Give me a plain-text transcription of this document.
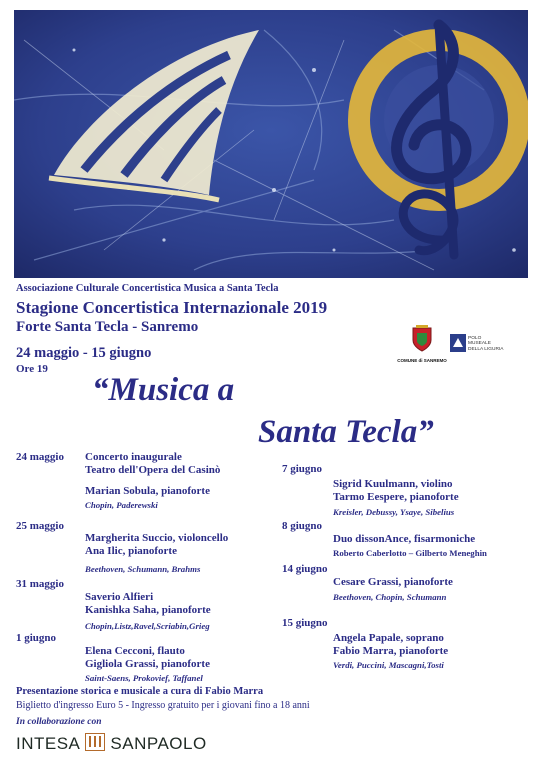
Associazione Culturale Concertistica Musica a Santa Tecla
Stagione Concertistica Internazionale 2019
Forte Santa Tecla - Sanremo
24 maggio - 15 giugno
Ore 19
“Musica a
Santa Tecla”
COMUNE di SANREMO
POLO
MUSEALE
DELLA LIGURIA
24 maggio Concerto inaugurale
Teatro dell'Opera del Casinò
Marian Sobula, pianoforte
Chopin, Paderewski
25 maggio
Margherita Succio, violoncello
Ana Ilic, pianoforte
Beethoven, Schumann, Brahms
31 maggio
Saverio Alfieri
Kanishka Saha, pianoforte
Chopin,Listz,Ravel,Scriabin,Grieg
1 giugno
Elena Cecconi, flauto
Gigliola Grassi, pianoforte
Saint-Saens, Prokovief, Taffanel
7 giugno
Sigrid Kuulmann, violino
Tarmo Eespere, pianoforte
Kreisler, Debussy, Ysaye, Sibelius
8 giugno
Duo dissonAnce, fisarmoniche
Roberto Caberlotto – Gilberto Meneghin
14 giugno
Cesare Grassi, pianoforte
Beethoven, Chopin, Schumann
15 giugno
Angela Papale, soprano
Fabio Marra, pianoforte
Verdi, Puccini, Mascagni,Tosti
Presentazione storica e musicale a cura di Fabio Marra
Biglietto d'ingresso Euro 5 - Ingresso gratuito per i giovani fino a 18 anni
In collaborazione con
INTESA SANPAOLO
